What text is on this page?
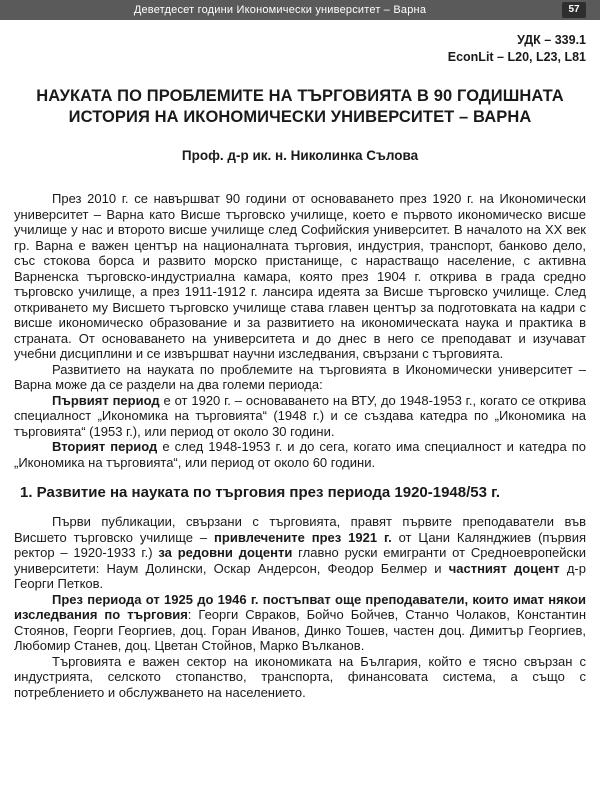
Деветдесет години Икономически университет – Варна	57
УДК – 339.1
EconLit – L20, L23, L81
НАУКАТА ПО ПРОБЛЕМИТЕ НА ТЪРГОВИЯТА В 90 ГОДИШНАТА
ИСТОРИЯ НА ИКОНОМИЧЕСКИ УНИВЕРСИТЕТ – ВАРНА
Проф. д-р ик. н. Николинка Сълова

През 2010 г. се навършват 90 години от основаването през 1920 г. на Икономически университет – Варна като Висше търговско училище, което е първото икономическо висше училище у нас и второто висше училище след Софийския университет. В началото на XX век гр. Варна е важен център на националната търговия, индустрия, транспорт, банково дело, със стокова борса и развито морско пристанище, с нарастващо население, с активна Варненска търговско-индустриална камара, която през 1904 г. открива в града средно търговско училище, а през 1911-1912 г. лансира идеята за Висше търговско училище. След откриването му Висшето търговско училище става главен център за подготовката на кадри с висше икономическо образование и за развитието на икономическата наука и практика в страната. От основаването на университета и до днес в него се преподават и изучават учебни дисциплини и се извършват научни изследвания, свързани с търговията.

Развитието на науката по проблемите на търговията в Икономически университет – Варна може да се раздели на два големи периода:

Първият период е от 1920 г. – основаването на ВТУ, до 1948-1953 г., когато се открива специалност „Икономика на търговията“ (1948 г.) и се създава катедра по „Икономика на търговията“ (1953 г.), или период от около 30 години.

Вторият период е след 1948-1953 г. и до сега, когато има специалност и катедра по „Икономика на търговията“, или период от около 60 години.

1. Развитие на науката по търговия през периода 1920-1948/53 г.

Първи публикации, свързани с търговията, правят първите преподаватели във Висшето търговско училище – привлечените през 1921 г. от Цани Калянджиев (първия ректор – 1920-1933 г.) за редовни доценти главно руски емигранти от Средноевропейски университети: Наум Долински, Оскар Андерсон, Феодор Белмер и частният доцент д-р Георги Петков.

През периода от 1925 до 1946 г. постъпват още преподаватели, които имат някои изследвания по търговия: Георги Свраков, Бойчо Бойчев, Станчо Чолаков, Константин Стоянов, Георги Георгиев, доц. Горан Иванов, Динко Тошев, частен доц. Димитър Георгиев, Любомир Станев, доц. Цветан Стойнов, Марко Вълканов.

Търговията е важен сектор на икономиката на България, който е тясно свързан с индустрията, селското стопанство, транспорта, финансовата система, а също с потреблението и обслужването на населението.
